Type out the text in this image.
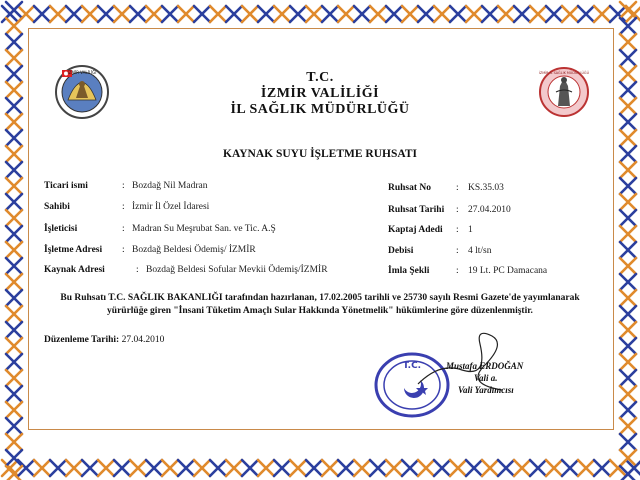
İZMİR VALİLİĞİ	İZMİR İL SAĞLIK MÜDÜRLÜĞÜ
T.C.
İZMİR VALİLİĞİ
İL SAĞLIK MÜDÜRLÜĞÜ
KAYNAK SUYU İŞLETME RUHSATI
Ticari ismi	: Bozdağ Nil Madran
Sahibi	: İzmir İl Özel İdaresi
İşleticisi	: Madran Su Meşrubat San. ve Tic. A.Ş
İşletme Adresi : Bozdağ Beldesi Ödemiş/ İZMİR
Kaynak Adresi	: Bozdağ Beldesi Sofular Mevkii Ödemiş/İZMİR
Ruhsat No	: KS.35.03
Ruhsat Tarihi : 27.04.2010
Kaptaj Adedi : 1
Debisi	: 4 lt/sn
İmla Şekli	: 19 Lt. PC Damacana
Bu Ruhsatı T.C. SAĞLIK BAKANLIĞI tarafından hazırlanan, 17.02.2005 tarihli ve 25730 sayılı Resmi Gazete'de yayımlanarak
yürürlüğe giren "İnsani Tüketim Amaçlı Sular Hakkında Yönetmelik" hükümlerine göre düzenlenmiştir.
Düzenleme Tarihi: 27.04.2010
T.C.	Mustafa ERDOĞAN
Vali a.
Vali Yardımcısı
